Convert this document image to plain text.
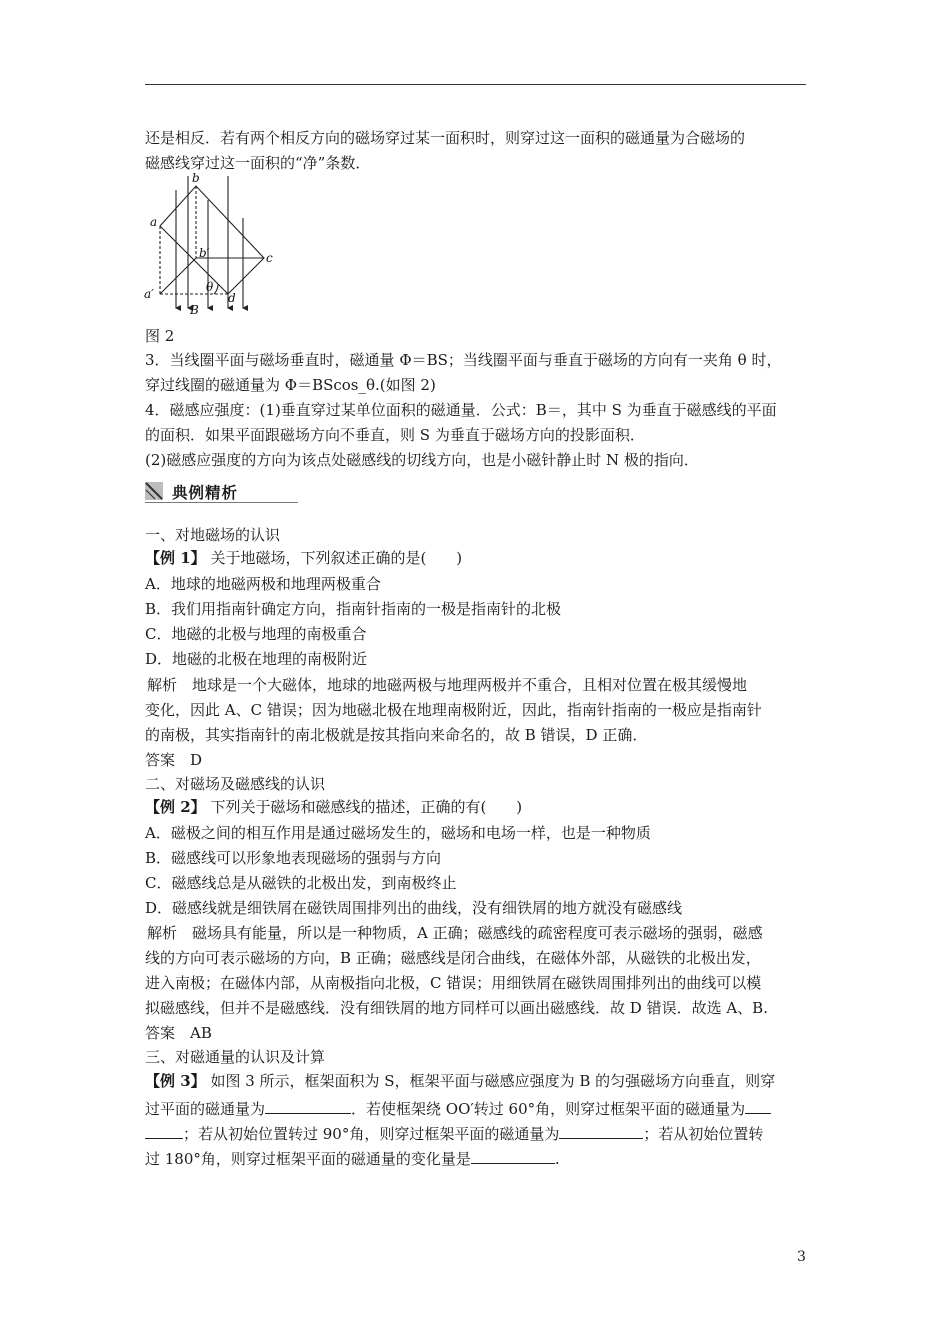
还是相反．若有两个相反方向的磁场穿过某一面积时，则穿过这一面积的磁通量为合磁场的
磁感线穿过这一面积的“净”条数．
b
a
b′	c
a′	θ
d
B
图 2
3．当线圈平面与磁场垂直时，磁通量 Φ＝BS；当线圈平面与垂直于磁场的方向有一夹角 θ 时，
穿过线圈的磁通量为 Φ＝BScos_θ.(如图 2)
4．磁感应强度：(1)垂直穿过某单位面积的磁通量．公式：B＝，其中 S 为垂直于磁感线的平面
的面积．如果平面跟磁场方向不垂直，则 S 为垂直于磁场方向的投影面积．
(2)磁感应强度的方向为该点处磁感线的切线方向，也是小磁针静止时 N 极的指向．
典例精析
一、对地磁场的认识
【例 1】 关于地磁场，下列叙述正确的是(　　)
A．地球的地磁两极和地理两极重合
B．我们用指南针确定方向，指南针指南的一极是指南针的北极
C．地磁的北极与地理的南极重合
D．地磁的北极在地理的南极附近
解析　地球是一个大磁体，地球的地磁两极与地理两极并不重合，且相对位置在极其缓慢地
变化，因此 A、C 错误；因为地磁北极在地理南极附近，因此，指南针指南的一极应是指南针
的南极，其实指南针的南北极就是按其指向来命名的，故 B 错误，D 正确．
答案　D
二、对磁场及磁感线的认识
【例 2】 下列关于磁场和磁感线的描述，正确的有(　　)
A．磁极之间的相互作用是通过磁场发生的，磁场和电场一样，也是一种物质
B．磁感线可以形象地表现磁场的强弱与方向
C．磁感线总是从磁铁的北极出发，到南极终止
D．磁感线就是细铁屑在磁铁周围排列出的曲线，没有细铁屑的地方就没有磁感线
解析　磁场具有能量，所以是一种物质，A 正确；磁感线的疏密程度可表示磁场的强弱，磁感
线的方向可表示磁场的方向，B 正确；磁感线是闭合曲线，在磁体外部，从磁铁的北极出发，
进入南极；在磁体内部，从南极指向北极，C 错误；用细铁屑在磁铁周围排列出的曲线可以模
拟磁感线，但并不是磁感线．没有细铁屑的地方同样可以画出磁感线．故 D 错误．故选 A、B.
答案　AB
三、对磁通量的认识及计算
【例 3】 如图 3 所示，框架面积为 S，框架平面与磁感应强度为 B 的匀强磁场方向垂直，则穿
过平面的磁通量为	．若使框架绕 OO′转过 60°角，则穿过框架平面的磁通量为
；若从初始位置转过 90°角，则穿过框架平面的磁通量为	；若从初始位置转
过 180°角，则穿过框架平面的磁通量的变化量是	.
3
